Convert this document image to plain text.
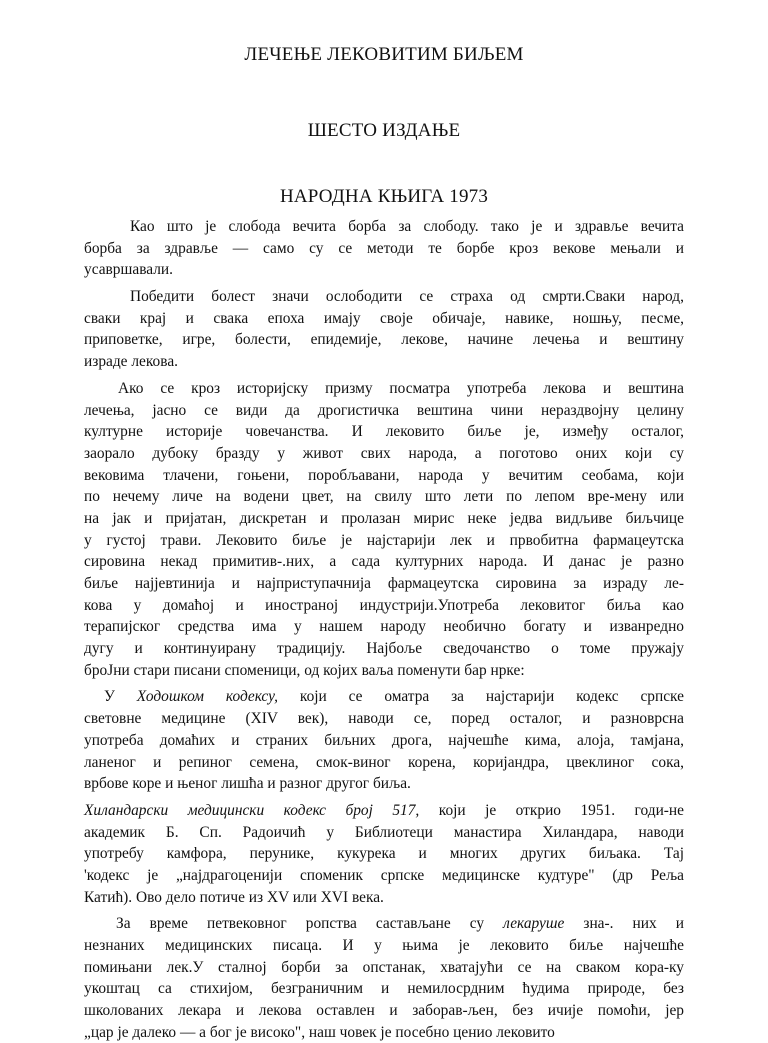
ЛЕЧЕЊЕ ЛЕКОВИТИМ БИЉЕМ
ШЕСТО ИЗДАЊЕ
НАРОДНА КЊИГА 1973
Као што је слобода вечита борба за слободу. тако је и здравље вечита
борба за здравље — само су се методи те борбе кроз векове мењали и
усавршавали.
Победити болест значи ослободити се страха од смрти.Сваки народ,
сваки крај и свака епоха имају своје обичаје, навике, ношњу, песме,
приповетке, игре, болести, епидемије, лекове, начине лечења и вештину
израде лекова.
Ако се кроз историјску призму посматра употреба лекова и вештина
лечења, јасно се види да дрогистичка вештина чини нераздвојну целину
културне историје човечанства. И лековито биље је, између осталог,
заорало дубоку бразду у живот свих народа, а поготово оних који су
вековима тлачени, гоњени, поробљавани, народа у вечитим сеобама, који
по нечему личе на водени цвет, на свилу што лети по лепом вре-мену или
на јак и пријатан, дискретан и пролазан мирис неке једва видљиве биљчице
у густој трави. Лековито биље је најстарији лек и првобитна фармацеутска
сировина некад примитив-.них, а сада културних народа. И данас је разно
биље најјевтинија и најприступачнија фармацеутска сировина за израду ле-
кова у домаћој и иностраној индустрији.Употреба лековитог биља као
терапијског средства има у нашем народу необично богату и изванредно
дугу и континуирану традицију. Најбоље сведочанство о томе пружају
броЈни стари писани споменици, од којих ваља поменути бар нрке:
У Ходошком кодексу, који се оматра за најстарији кодекс српске
световне медицине (XIV век), наводи се, поред осталог, и разноврсна
употреба домаћих и страних биљних дрога, најчешће кима, алоја, тамјана,
ланеног и репиног семена, смок-виног корена, коријандра, цвеклиног сока,
врбове коре и њеног лишћа и разног другог биља.
Хиландарски медицински кодекс број 517, који је открио 1951. годи-не
академик Б. Сп. Радоичић у Библиотеци манастира Хиландара, наводи
употребу камфора, перунике, кукурека и многих других биљака. Тај
'кодекс је „најдрагоценији споменик српске медицинске кудтуре" (др Реља
Катић). Ово дело потиче из XV или XVI века.
За време петвековног ропства састављане су лекаруше зна-. них и
незнаних медицинских писаца. И у њима је лековито биље најчешће
помињани лек.У сталној борби за опстанак, хватајући се на сваком кора-ку
укоштац са стихијом, безграничним и немилосрдним ћудима природе, без
школованих лекара и лекова оставлен и заборав-љен, без ичије помоћи, јер
„цар је далеко — а бог је високо", наш човек је посебно ценио лековито
